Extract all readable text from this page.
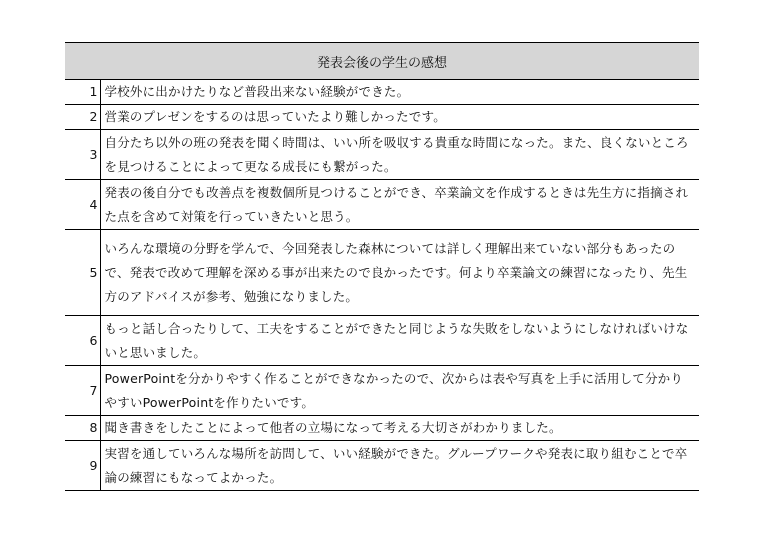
発表会後の学生の感想	
1	学校外に出かけたりなど普段出来ない経験ができた。
2	営業のプレゼンをするのは思っていたより難しかったです。
3	自分たち以外の班の発表を聞く時間は、いい所を吸収する貴重な時間になった。また、良くないところを見つけることによって更なる成長にも繋がった。
4	発表の後自分でも改善点を複数個所見つけることができ、卒業論文を作成するときは先生方に指摘された点を含めて対策を行っていきたいと思う。
5	いろんな環境の分野を学んで、今回発表した森林については詳しく理解出来ていない部分もあったので、発表で改めて理解を深める事が出来たので良かったです。何より卒業論文の練習になったり、先生方のアドバイスが参考、勉強になりました。
6	もっと話し合ったりして、工夫をすることができたと同じような失敗をしないようにしなければいけないと思いました。
7	PowerPointを分かりやすく作ることができなかったので、次からは表や写真を上手に活用して分かりやすいPowerPointを作りたいです。
8	聞き書きをしたことによって他者の立場になって考える大切さがわかりました。
9	実習を通していろんな場所を訪問して、いい経験ができた。グループワークや発表に取り組むことで卒論の練習にもなってよかった。
